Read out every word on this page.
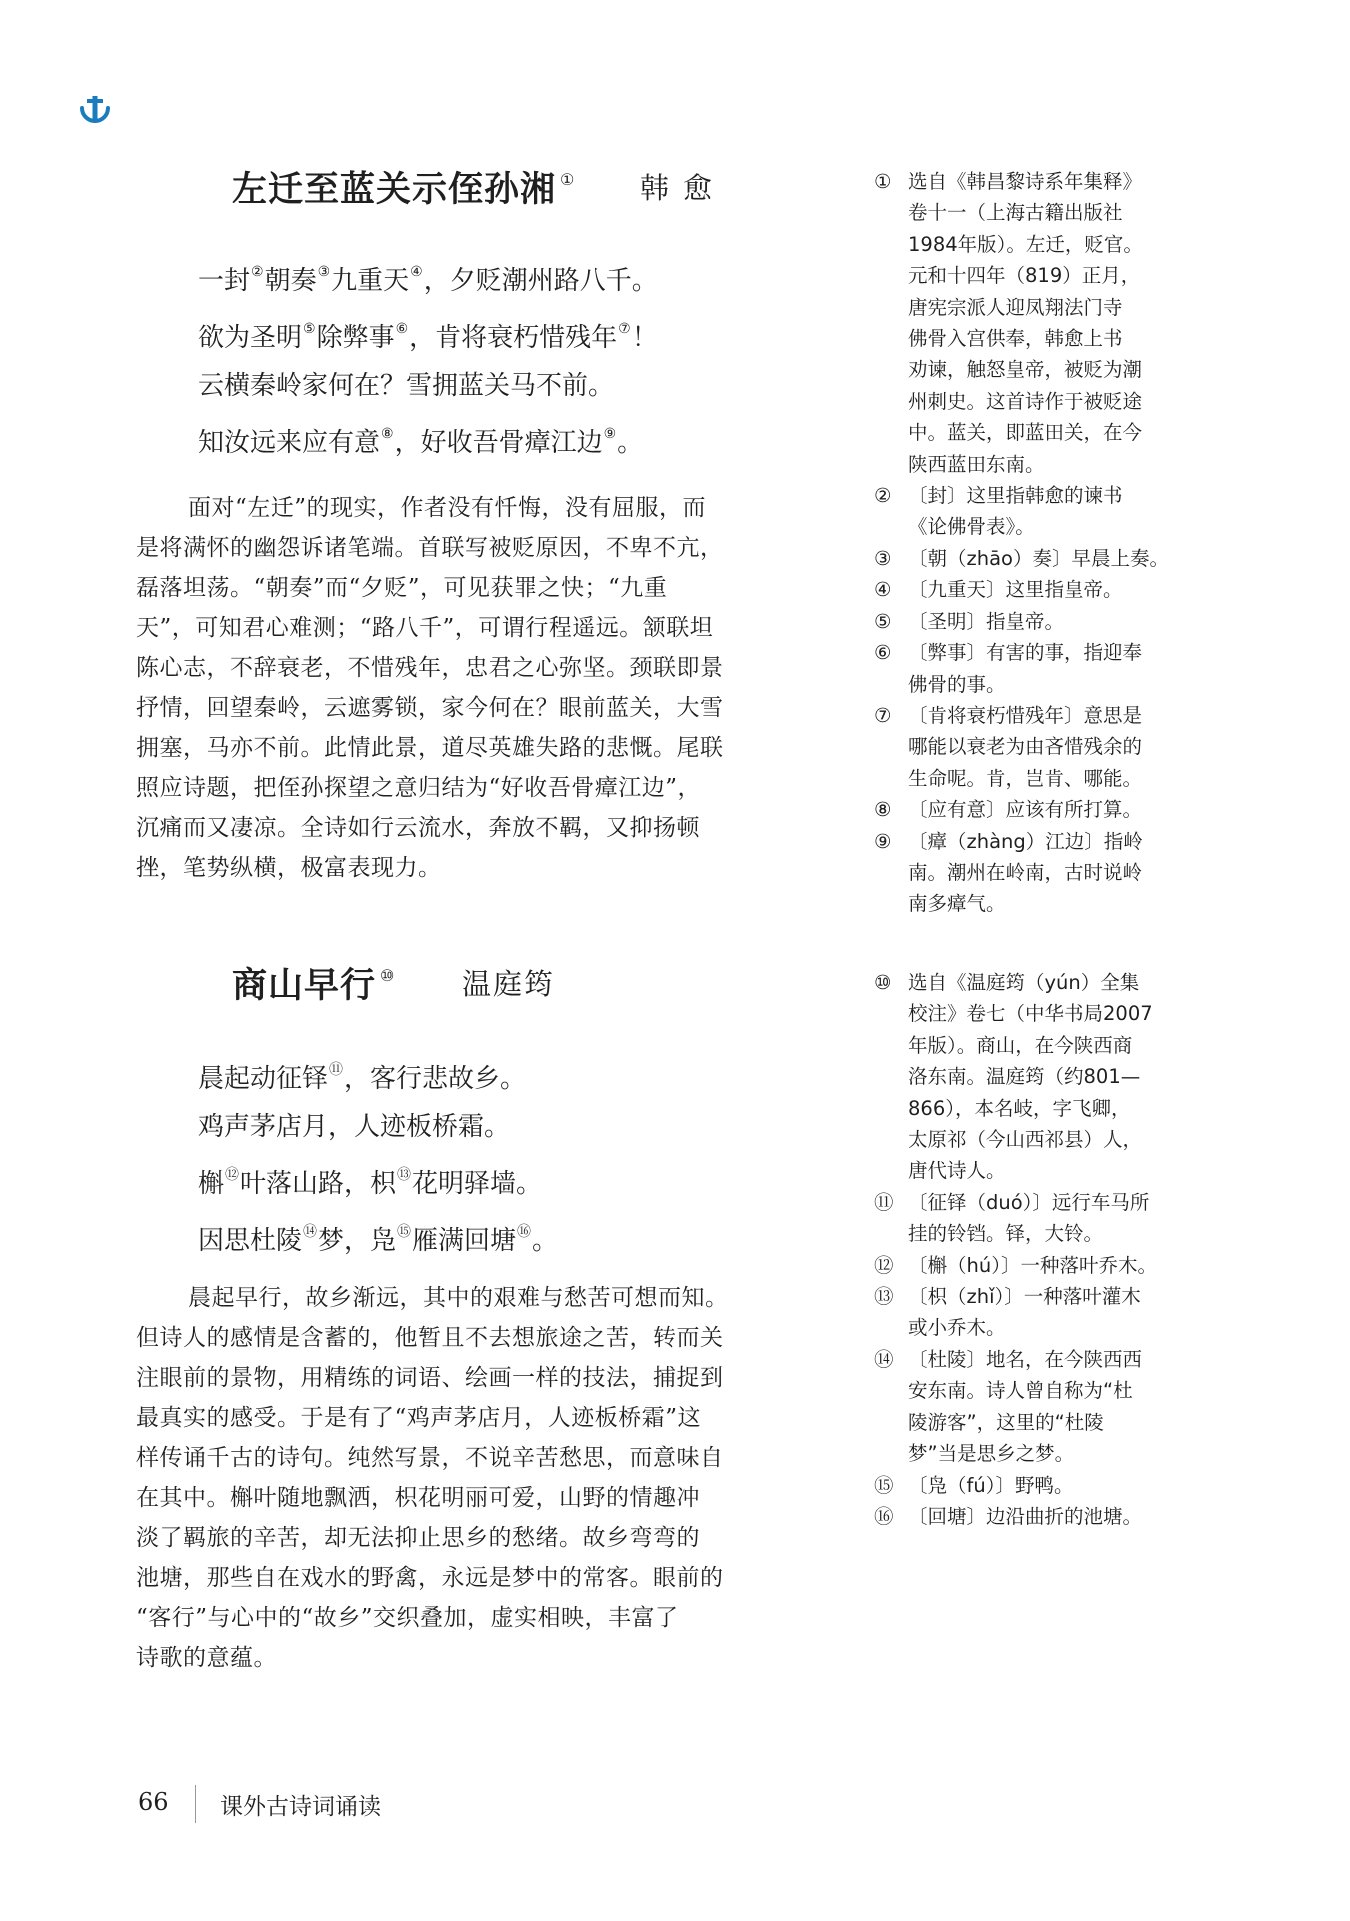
左迁至蓝关示侄孙湘 ① 韩愈
一封②朝奏③九重天④，夕贬潮州路八千。
欲为圣明⑤除弊事⑥，肯将衰朽惜残年⑦！
云横秦岭家何在？雪拥蓝关马不前。
知汝远来应有意⑧，好收吾骨瘴江边⑨。
面对“左迁”的现实，作者没有忏悔，没有屈服，而
是将满怀的幽怨诉诸笔端。首联写被贬原因，不卑不亢，
磊落坦荡。“朝奏”而“夕贬”，可见获罪之快；“九重
天”，可知君心难测；“路八千”，可谓行程遥远。颔联坦
陈心志，不辞衰老，不惜残年，忠君之心弥坚。颈联即景
抒情，回望秦岭，云遮雾锁，家今何在？眼前蓝关，大雪
拥塞，马亦不前。此情此景，道尽英雄失路的悲慨。尾联
照应诗题，把侄孙探望之意归结为“好收吾骨瘴江边”，
沉痛而又凄凉。全诗如行云流水，奔放不羁，又抑扬顿
挫，笔势纵横，极富表现力。
商山早行 ⑩ 温庭筠
晨起动征铎⑪，客行悲故乡。
鸡声茅店月，人迹板桥霜。
槲⑫叶落山路，枳⑬花明驿墙。
因思杜陵⑭梦，凫⑮雁满回塘⑯。
晨起早行，故乡渐远，其中的艰难与愁苦可想而知。
但诗人的感情是含蓄的，他暂且不去想旅途之苦，转而关
注眼前的景物，用精练的词语、绘画一样的技法，捕捉到
最真实的感受。于是有了“鸡声茅店月，人迹板桥霜”这
样传诵千古的诗句。纯然写景，不说辛苦愁思，而意味自
在其中。槲叶随地飘洒，枳花明丽可爱，山野的情趣冲
淡了羁旅的辛苦，却无法抑止思乡的愁绪。故乡弯弯的
池塘，那些自在戏水的野禽，永远是梦中的常客。眼前的
“客行”与心中的“故乡”交织叠加，虚实相映，丰富了
诗歌的意蕴。
① 选自《韩昌黎诗系年集释》
卷十一（上海古籍出版社
1984年版）。左迁，贬官。
元和十四年（819）正月，
唐宪宗派人迎凤翔法门寺
佛骨入宫供奉，韩愈上书
劝谏，触怒皇帝，被贬为潮
州刺史。这首诗作于被贬途
中。蓝关，即蓝田关，在今
陕西蓝田东南。
② 〔封〕这里指韩愈的谏书
《论佛骨表》。
③ 〔朝（zhāo）奏〕早晨上奏。
④ 〔九重天〕这里指皇帝。
⑤ 〔圣明〕指皇帝。
⑥ 〔弊事〕有害的事，指迎奉
佛骨的事。
⑦ 〔肯将衰朽惜残年〕意思是
哪能以衰老为由吝惜残余的
生命呢。肯，岂肯、哪能。
⑧ 〔应有意〕应该有所打算。
⑨ 〔瘴（zhàng）江边〕指岭
南。潮州在岭南，古时说岭
南多瘴气。
⑩ 选自《温庭筠（yún）全集
校注》卷七（中华书局2007
年版）。商山，在今陕西商
洛东南。温庭筠（约801—
866），本名岐，字飞卿，
太原祁（今山西祁县）人，
唐代诗人。
⑪ 〔征铎（duó）〕远行车马所
挂的铃铛。铎，大铃。
⑫ 〔槲（hú）〕一种落叶乔木。
⑬ 〔枳（zhǐ）〕一种落叶灌木
或小乔木。
⑭ 〔杜陵〕地名，在今陕西西
安东南。诗人曾自称为“杜
陵游客”，这里的“杜陵
梦”当是思乡之梦。
⑮ 〔凫（fú）〕野鸭。
⑯ 〔回塘〕边沿曲折的池塘。
66 课外古诗词诵读
